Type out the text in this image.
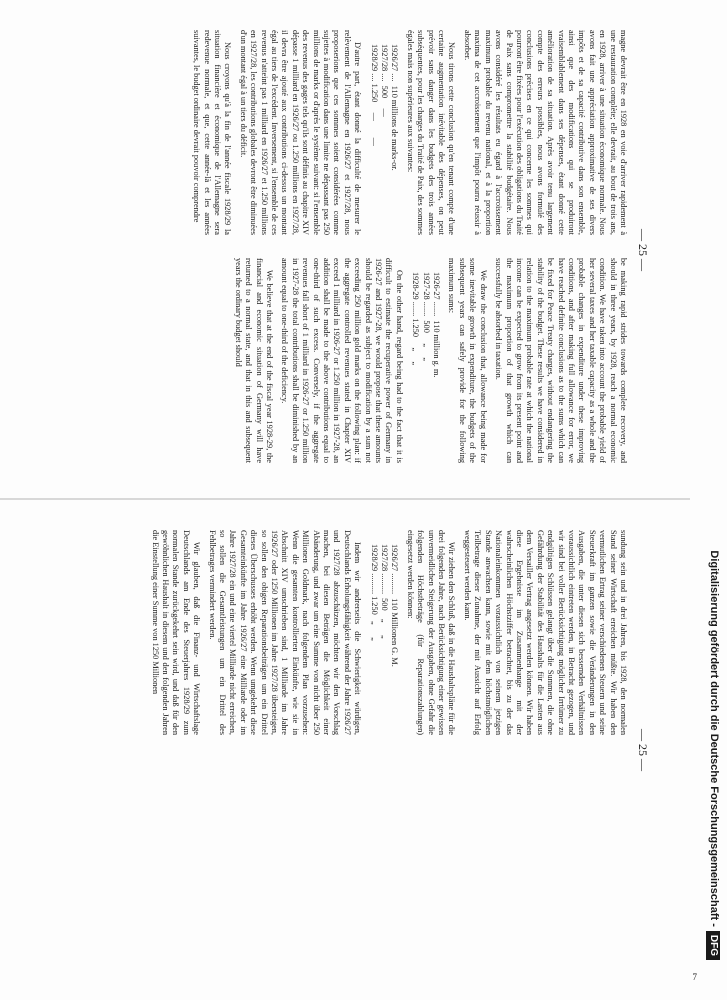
— 25 —

magne devrait être en 1928 en voie d'arriver rapidement à une restauration complète; elle devrait, au bout de trois ans, en 1928, arriver à une situation économique normale. Nous avons fait une appréciation approximative de ses divers impôts et de sa capacité contributive dans son ensemble, ainsi que des modifications qui se produiront vraisemblablement dans ses dépenses, étant donné cette amélioration de sa situation. Après avoir tenu largement compte des erreurs possibles, nous avons formulé des conclusions précises en ce qui concerne les sommes qui pourront être fixées pour l'exécution des obligations du Traité de Paix sans compromettre la stabilité budgétaire. Nous avons considéré les résultats eu égard à l'accroissement maximum probable du revenu national, et à la proportion maxima de cet accroissement que l'impôt pourra réussir à absorber.

Nous tirons cette conclusion qu'en tenant compte d'une certaine augmentation inévitable des dépenses, on peut prévoir sans danger dans les budgets des trois années subséquentes, pour les charges du Traité de Paix, des sommes égales mais non supérieures aux suivantes:

1926/27 ....  110 millions de marks-or.
1927/28 ....  500     —
1928/29 .... 1.250     —        —

D'autre part, étant donné la difficulté de mesurer le relèvement de l'Allemagne en 1926/27 et 1927/28, nous proposerions que ces sommes soient considérées comme sujettes à modification dans une limite ne dépassant pas 250 millions de marks or d'après le système suivant: si l'ensemble des revenus des gages tels qu'ils sont définis au chapitre XIV dépasse 1 milliard en 1926/27 ou 1.250 millions en 1927/28, il devra être ajouté aux contributions ci-dessus un montant égal au tiers de l'excédent. Inversement, si l'ensemble de ces revenus n'atteint pas 1 milliard en 1926/27 et 1.250 millions en 1927/28, les contributions globales devront être diminuées d'un montant égal à un tiers du déficit.

Nous croyons qu'à la fin de l'année fiscale 1928/29 la situation financière et économique de l'Allemagne sera redevenue normale, et que, cette année-là et les années suivantes, le budget ordinaire devrait pouvoir comprendre

be making rapid strides towards complete recovery, and should in three years, by 1928, reach a normal economic condition. We have taken into account the probable yield of her several taxes and her taxable capacity as a whole and the probable changes in expenditure under these improving conditions, and after making full allowance for error, we have reached definite conclusions as to the sums which can be fixed for Peace Treaty charges, without endangering the stability of the budget. These results we have considered in relation to the maximum probable rate at which the national income can be expected to grow from its present point and the maximum proportion of that growth which can successfully be absorbed in taxation.

We draw the conclusion that, allowance being made for some inevitable growth in expenditure, the budgets of the subsequent years can safely provide for the following maximum sums:

1926-27 .......  110 million g. m.
1927-28 .......  500     „     „
1928-29 ....... 1.250     „     „

On the other hand, regard being had to the fact that it is difficult to estimate the recuperative power of Germany in 1926-27 and 1927-28, we would propose that these amounts should be regarded as subject to modification by a sum not exceeding 250 million gold marks on the following plan: if the aggregate controlled revenues stated in Chapter XIV exceed 1 milliard in 1926-27 or 1.250 million in 1927-28, an addition shall be made to the above contributions equal to one-third of such excess. Conversely, if the aggregate revenues fall short of 1 milliard in 1926-27 or 1.250 million in 1927-28 the total contributions shall be diminished by an amount equal to one-third of the deficiency.

We believe that at the end of the fiscal year 1928-29, the financial and economic situation of Germany will have returned to a normal state, and that in this and subsequent years the ordinary budget should

— 25 —

sundung sein und in drei Jahren, bis 1928, den normalen Stand seiner Wirtschaft erreichen müßte. Wir haben den vermutlichen Ertrag seiner verschiedenen Steuern und seine Steuerkraft im ganzen sowie die Veränderungen in den Ausgaben, die unter diesen sich bessernden Verhältnissen voraussichtlich eintreten werden, in Betracht gezogen, und wir sind bei voller Berücksichtigung möglicher Irrtümer zu endgültigen Schlüssen gelangt über die Summen, die ohne Gefährdung der Stabilität des Haushalts für die Lasten aus dem Versailler Vertrag angesetzt werden können. Wir haben diese Ergebnisse im Zusammenhange mit der wahrscheinlichen Höchstziffer betrachtet, bis zu der das Nationaleinkommen voraussichtlich von seinem jetzigen Stande anwachsen kann, sowie mit dem höchstmöglichen Teilbetrage dieser Zunahme, der mit Aussicht auf Erfolg weggesteuert werden kann.

Wir ziehen den Schluß, daß in die Haushaltspläne für die drei folgenden Jahre, nach Berücksichtigung einer gewissen unvermeidlichen Steigerung der Ausgaben, ohne Gefahr die folgenden Höchstbeträge (für Reparationszahlungen) eingesetzt werden können:

1926/27 ..........  110 Millionen G. M.
1927/28 ..........  500    „      „
1928/29 .......... 1.250   „      „

Indem wir andrerseits die Schwierigkeit würdigen, Deutschlands Erholungsfähigkeit während der Jahre 1926/27 und 1927/28 abzuschätzen, möchten wir den Vorschlag machen, bei diesen Beträgen die Möglichkeit einer Abänderung, und zwar um eine Summe von nicht über 250 Millionen Goldmark, nach folgendem Plan vorzusehen: Wenn die gesamten kontrollierten Einkünfte, wie sie in Abschnitt XIV umschrieben sind, 1 Milliarde im Jahre 1926/27 oder 1250 Millionen im Jahre 1927/28 übersteigen, so sollen den obigen Reparationsbeiträgen um ein Drittel dieses Überschusses erhöht werden. Wenn umgekehrt diese Gesamteinkünfte im Jahre 1926/27 eine Milliarde oder im Jahre 1927/28 ein und eine viertel Milliarde nicht erreichen, so sollen die Gesamtleistungen um ein Drittel des Fehlbetrages vermindert werden.

Wir glauben, daß die Finanz- und Wirtschaftslage Deutschlands am Ende des Steuerjahres 1928/29 zum normalen Stande zurückgekehrt sein wird, und daß für den gewöhnlichen Haushalt in diesem und den folgenden Jahren die Einstellung einer Summe von 1250 Millionen

7
Digitalisierung gefördert durch die Deutsche Forschungsgemeinschaft -DFG
